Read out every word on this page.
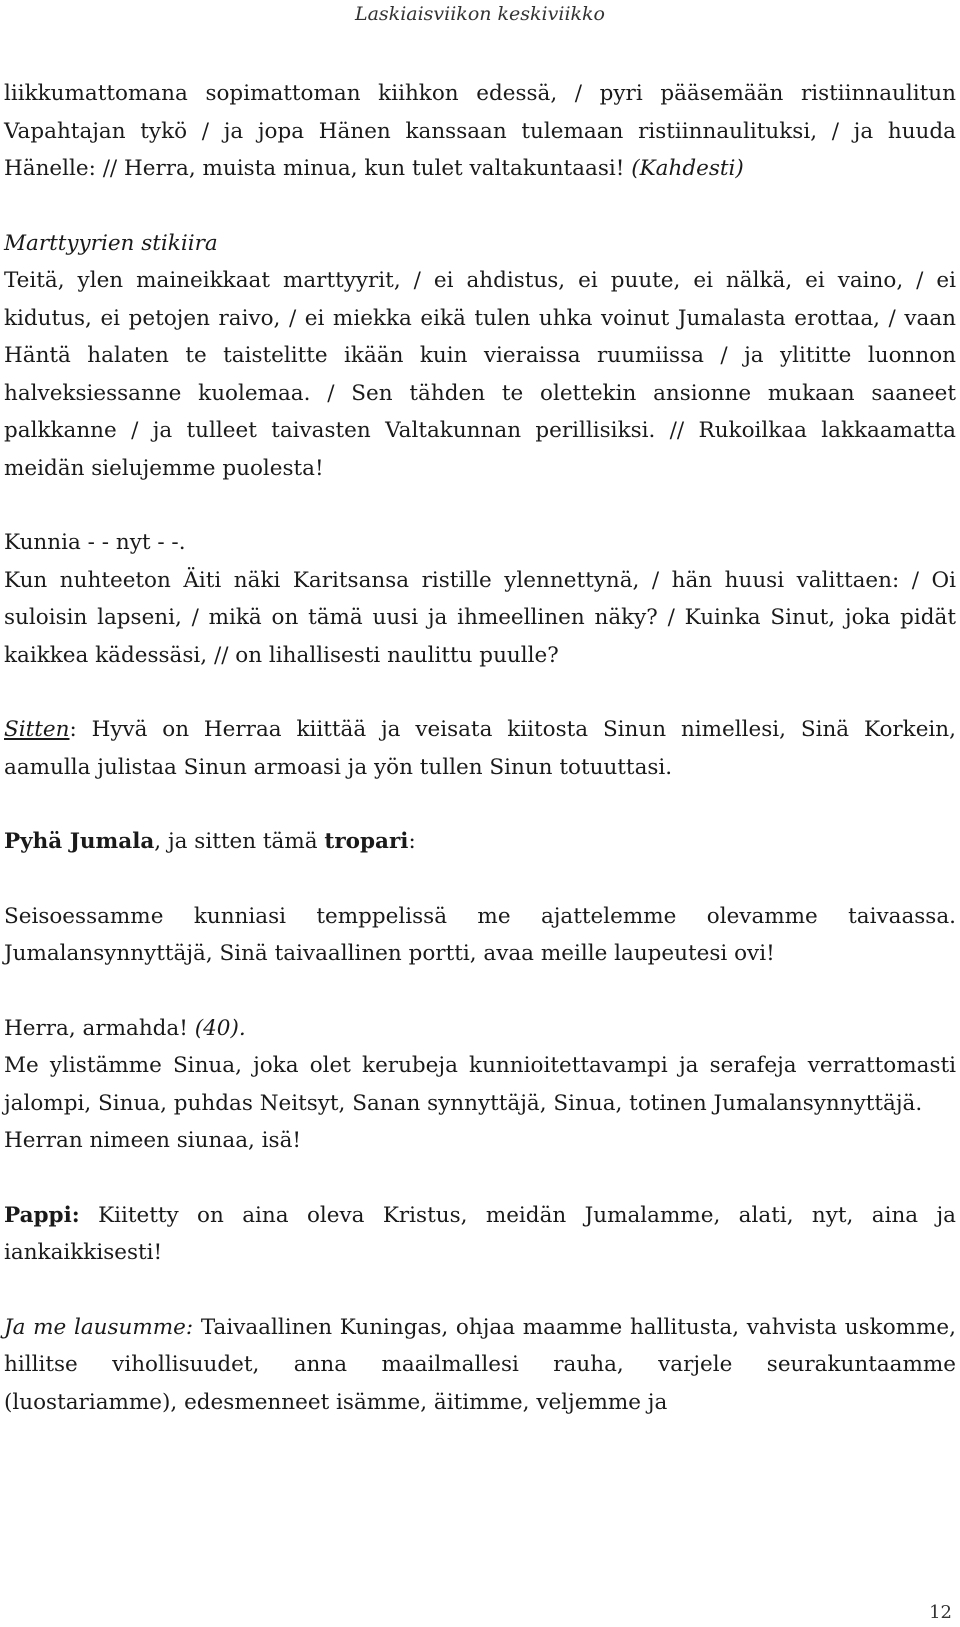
Laskiaisviikon keskiviikko

liikkumattomana sopimattoman kiihkon edessä, / pyri pääsemään ristiinnaulitun Vapahtajan tykö / ja jopa Hänen kanssaan tulemaan ristiinnaulituksi, / ja huuda Hänelle: // Herra, muista minua, kun tulet valtakuntaasi! (Kahdesti)

Marttyyrien stikiira

Teitä, ylen maineikkaat marttyyrit, / ei ahdistus, ei puute, ei nälkä, ei vaino, / ei kidutus, ei petojen raivo, / ei miekka eikä tulen uhka voinut Jumalasta erottaa, / vaan Häntä halaten te taistelitte ikään kuin vieraissa ruumiissa / ja ylititte luonnon halveksiessanne kuolemaa. / Sen tähden te olettekin ansionne mukaan saaneet palkkanne / ja tulleet taivasten Valtakunnan perillisiksi. // Rukoilkaa lakkaamatta meidän sielujemme puolesta!

Kunnia - - nyt - -.

Kun nuhteeton Äiti näki Karitsansa ristille ylennettynä, / hän huusi valittaen: / Oi suloisin lapseni, / mikä on tämä uusi ja ihmeellinen näky? / Kuinka Sinut, joka pidät kaikkea kädessäsi, // on lihallisesti naulittu puulle?

Sitten: Hyvä on Herraa kiittää ja veisata kiitosta Sinun nimellesi, Sinä Korkein, aamulla julistaa Sinun armoasi ja yön tullen Sinun totuuttasi.

Pyhä Jumala, ja sitten tämä tropari:

Seisoessamme kunniasi temppelissä me ajattelemme olevamme taivaassa. Jumalansynnyttäjä, Sinä taivaallinen portti, avaa meille laupeutesi ovi!

Herra, armahda! (40).

Me ylistämme Sinua, joka olet kerubeja kunnioitettavampi ja serafeja verrattomasti jalompi, Sinua, puhdas Neitsyt, Sanan synnyttäjä, Sinua, totinen Jumalansynnyttäjä.

Herran nimeen siunaa, isä!

Pappi: Kiitetty on aina oleva Kristus, meidän Jumalamme, alati, nyt, aina ja iankaikkisesti!

Ja me lausumme: Taivaallinen Kuningas, ohjaa maamme hallitusta, vahvista uskomme, hillitse vihollisuudet, anna maailmallesi rauha, varjele seurakuntaamme (luostariamme), edesmenneet isämme, äitimme, veljemme ja

12
